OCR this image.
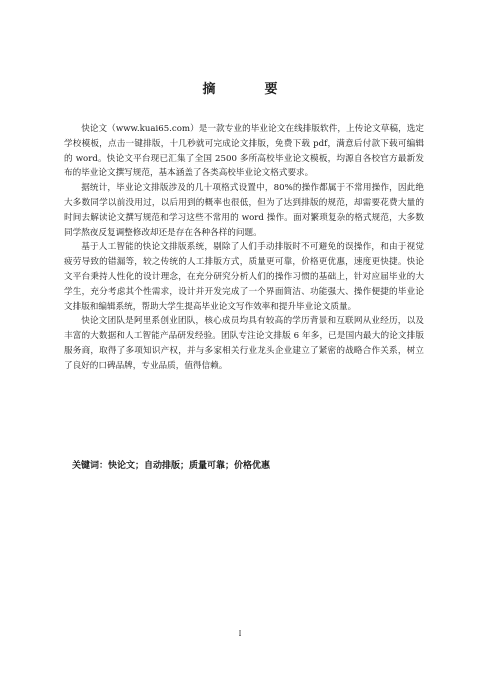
摘　要

快论文（www.kuai65.com）是一款专业的毕业论文在线排版软件，上传论文草稿，选定学校模板，点击一键排版，十几秒就可完成论文排版，免费下载 pdf，满意后付款下载可编辑的 word。快论文平台现已汇集了全国 2500 多所高校毕业论文模板，均源自各校官方最新发布的毕业论文撰写规范，基本涵盖了各类高校毕业论文格式要求。

据统计，毕业论文排版涉及的几十项格式设置中，80%的操作都属于不常用操作，因此绝大多数同学以前没用过，以后用到的概率也很低，但为了达到排版的规范，却需要花费大量的时间去解读论文撰写规范和学习这些不常用的 word 操作。面对繁琐复杂的格式规范，大多数同学熬夜反复调整修改却还是存在各种各样的问题。

基于人工智能的快论文排版系统，剔除了人们手动排版时不可避免的误操作，和由于视觉疲劳导致的错漏等，较之传统的人工排版方式，质量更可靠，价格更优惠，速度更快捷。快论文平台秉持人性化的设计理念，在充分研究分析人们的操作习惯的基础上，针对应届毕业的大学生，充分考虑其个性需求，设计并开发完成了一个界面简洁、功能强大、操作便捷的毕业论文排版和编辑系统，帮助大学生提高毕业论文写作效率和提升毕业论文质量。

快论文团队是阿里系创业团队，核心成员均具有较高的学历背景和互联网从业经历，以及丰富的大数据和人工智能产品研发经验。团队专注论文排版 6 年多，已是国内最大的论文排版服务商，取得了多项知识产权，并与多家相关行业龙头企业建立了紧密的战略合作关系，树立了良好的口碑品牌，专业品质，值得信赖。

关键词：快论文；自动排版；质量可靠；价格优惠
I
